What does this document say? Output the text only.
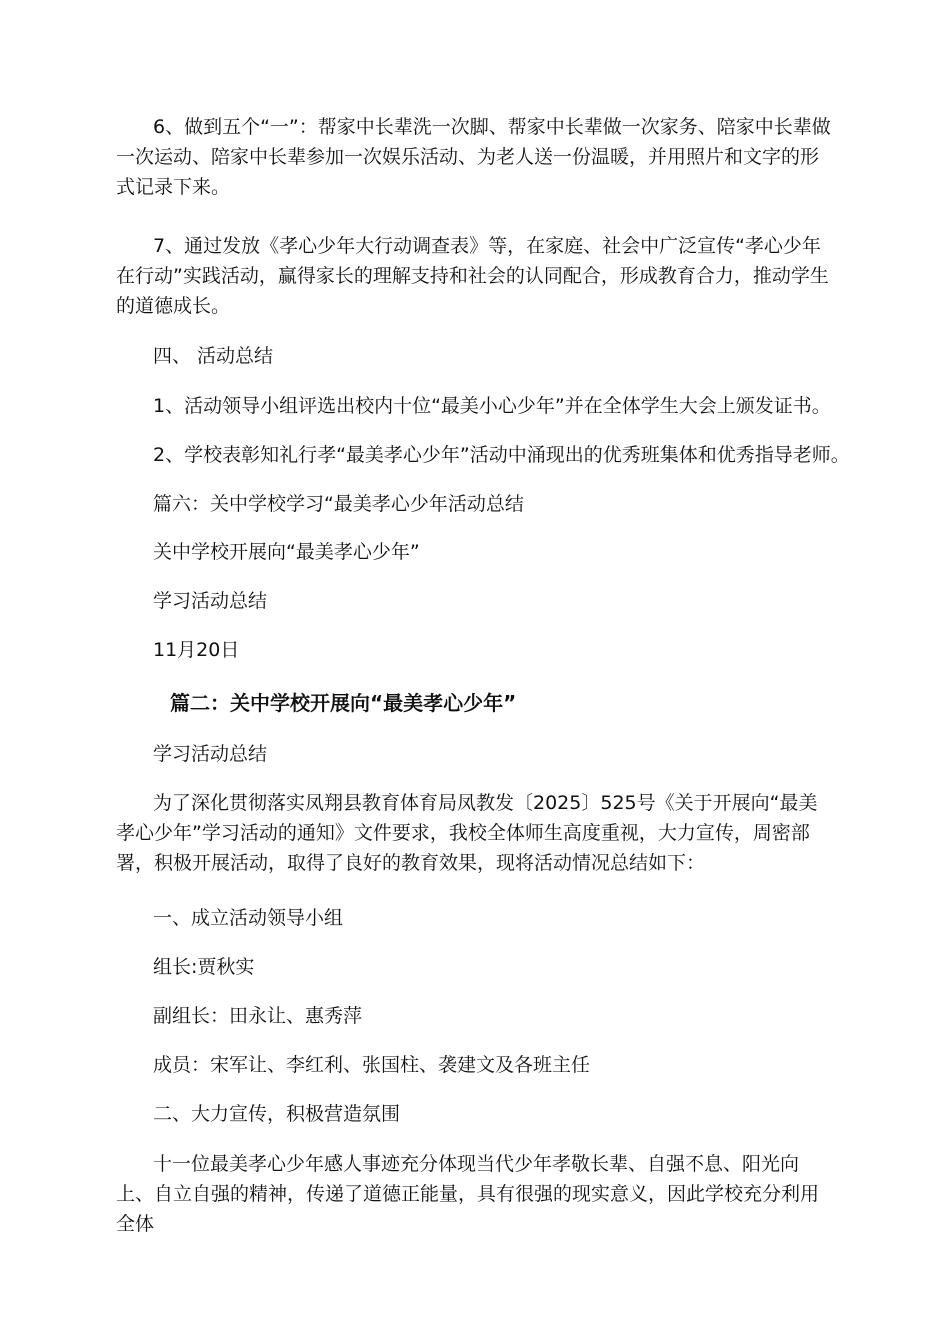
6、做到五个“一”：帮家中长辈洗一次脚、帮家中长辈做一次家务、陪家中长辈做一次运动、陪家中长辈参加一次娱乐活动、为老人送一份温暖，并用照片和文字的形式记录下来。

7、通过发放《孝心少年大行动调查表》等，在家庭、社会中广泛宣传“孝心少年在行动”实践活动，赢得家长的理解支持和社会的认同配合，形成教育合力，推动学生的道德成长。

四、 活动总结

1、活动领导小组评选出校内十位“最美小心少年”并在全体学生大会上颁发证书。

2、学校表彰知礼行孝“最美孝心少年”活动中涌现出的优秀班集体和优秀指导老师。

篇六：关中学校学习“最美孝心少年活动总结

关中学校开展向“最美孝心少年”

学习活动总结

11月20日

篇二：关中学校开展向“最美孝心少年”

学习活动总结

为了深化贯彻落实凤翔县教育体育局凤教发〔2025〕525号《关于开展向“最美孝心少年”学习活动的通知》文件要求，我校全体师生高度重视，大力宣传，周密部署，积极开展活动，取得了良好的教育效果，现将活动情况总结如下：

一、成立活动领导小组

组长:贾秋实

副组长：田永让、惠秀萍

成员：宋军让、李红利、张国柱、袭建文及各班主任

二、大力宣传，积极营造氛围

十一位最美孝心少年感人事迹充分体现当代少年孝敬长辈、自强不息、阳光向上、自立自强的精神，传递了道德正能量，具有很强的现实意义，因此学校充分利用全体
